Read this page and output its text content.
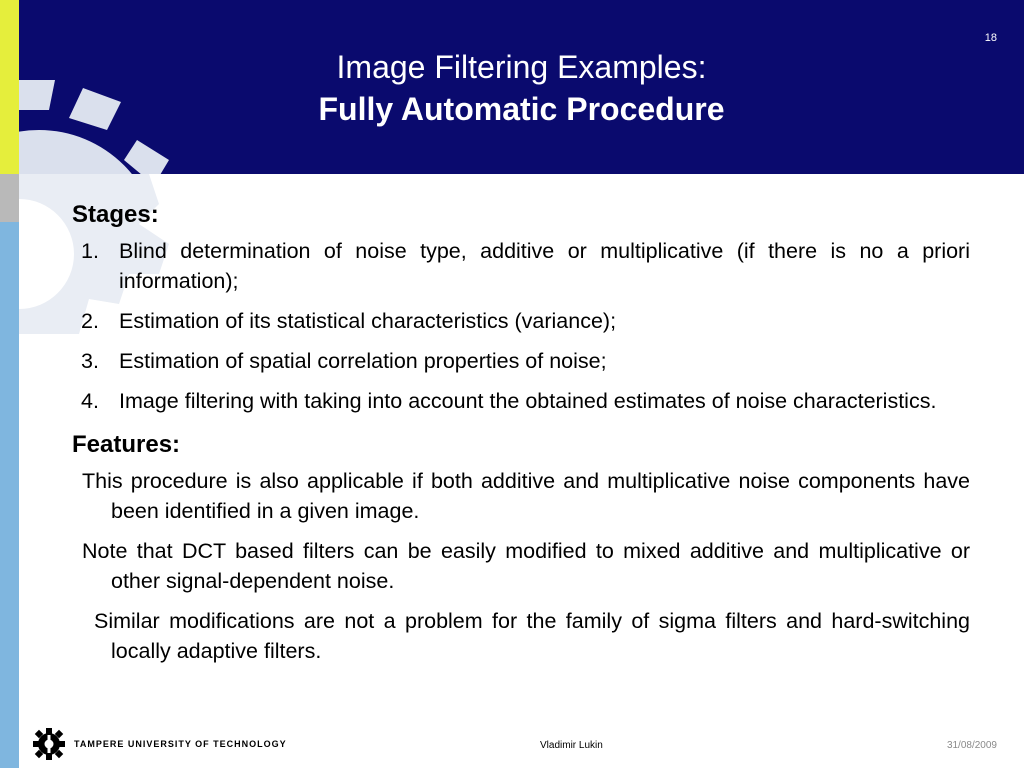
18
Image Filtering Examples:
Fully Automatic Procedure

Stages:

1. Blind determination of noise type, additive or multiplicative (if there is no a priori information);
2. Estimation of its statistical characteristics (variance);
3. Estimation of spatial correlation properties of noise;
4. Image filtering with taking into account the obtained estimates of noise characteristics.

Features:

This procedure is also applicable if both additive and multiplicative noise components have been identified in a given image.

Note that DCT based filters can be easily modified to mixed additive and multiplicative or other signal-dependent noise.

Similar modifications are not a problem for the family of sigma filters and hard-switching locally adaptive filters.

TAMPERE UNIVERSITY OF TECHNOLOGY	Vladimir Lukin	31/08/2009
